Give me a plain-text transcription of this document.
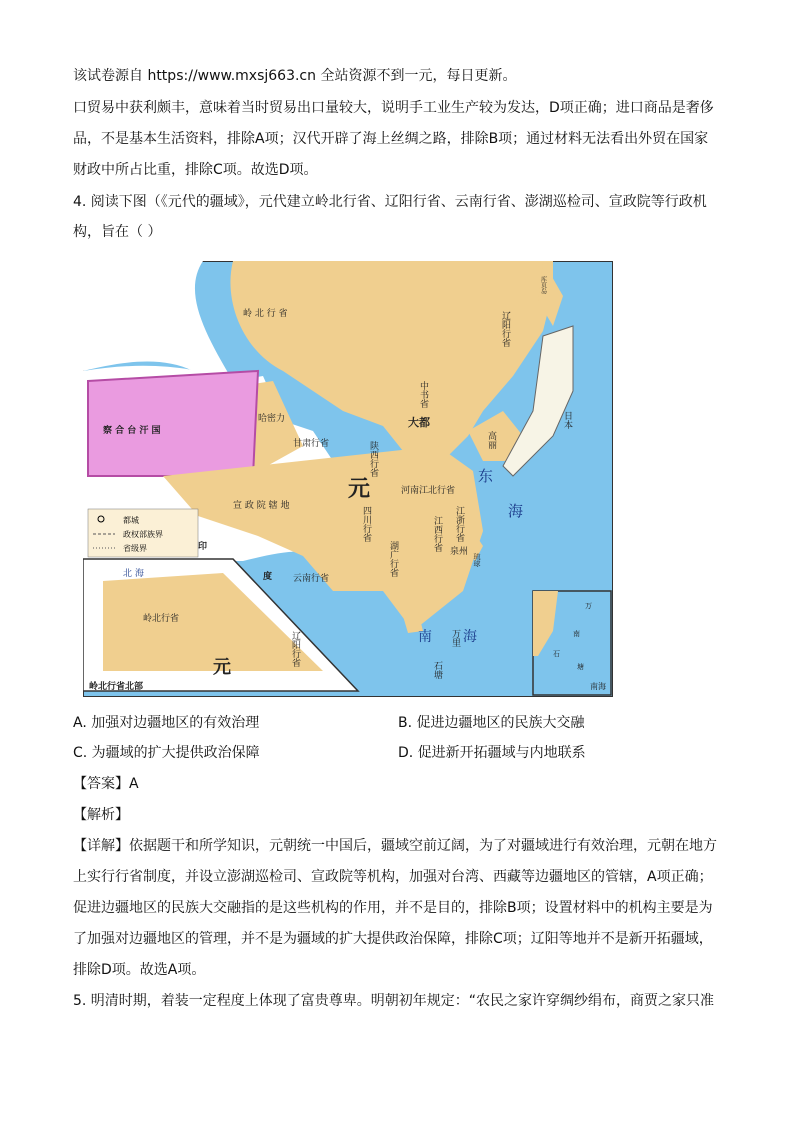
该试卷源自 https://www.mxsj663.cn 全站资源不到一元，每日更新。
口贸易中获利颇丰，意味着当时贸易出口量较大，说明手工业生产较为发达，D项正确；进口商品是奢侈
品，不是基本生活资料，排除A项；汉代开辟了海上丝绸之路，排除B项；通过材料无法看出外贸在国家
财政中所占比重，排除C项。故选D项。
4. 阅读下图（《元代的疆域》，元代建立岭北行省、辽阳行省、云南行省、澎湖巡检司、宣政院等行政机
构，旨在（ ）
岭 北 行 省	辽阳行省
察 合 台 汗 国
哈密力
甘肃行省
中书省
大都
高丽
日本
元
陕西行省
四川行省
河南江北行省
江浙行省
江西行省
湖广行省
云南行省
宣 政 院 辖 地
泉州
琉球
库页岛
印
度
东
海
南 海
万里
石塘
都城
政权部族界
省级界
北 海
岭北行省
元
辽阳行省
岭北行省北部	南海
万
南
石
塘
A. 加强对边疆地区的有效治理	B. 促进边疆地区的民族大交融
C. 为疆域的扩大提供政治保障	D. 促进新开拓疆域与内地联系
【答案】A
【解析】
【详解】依据题干和所学知识，元朝统一中国后，疆域空前辽阔，为了对疆域进行有效治理，元朝在地方
上实行行省制度，并设立澎湖巡检司、宣政院等机构，加强对台湾、西藏等边疆地区的管辖，A项正确；
促进边疆地区的民族大交融指的是这些机构的作用，并不是目的，排除B项；设置材料中的机构主要是为
了加强对边疆地区的管理，并不是为疆域的扩大提供政治保障，排除C项；辽阳等地并不是新开拓疆域，
排除D项。故选A项。
5. 明清时期，着装一定程度上体现了富贵尊卑。明朝初年规定：“农民之家许穿绸纱绢布，商贾之家只准
